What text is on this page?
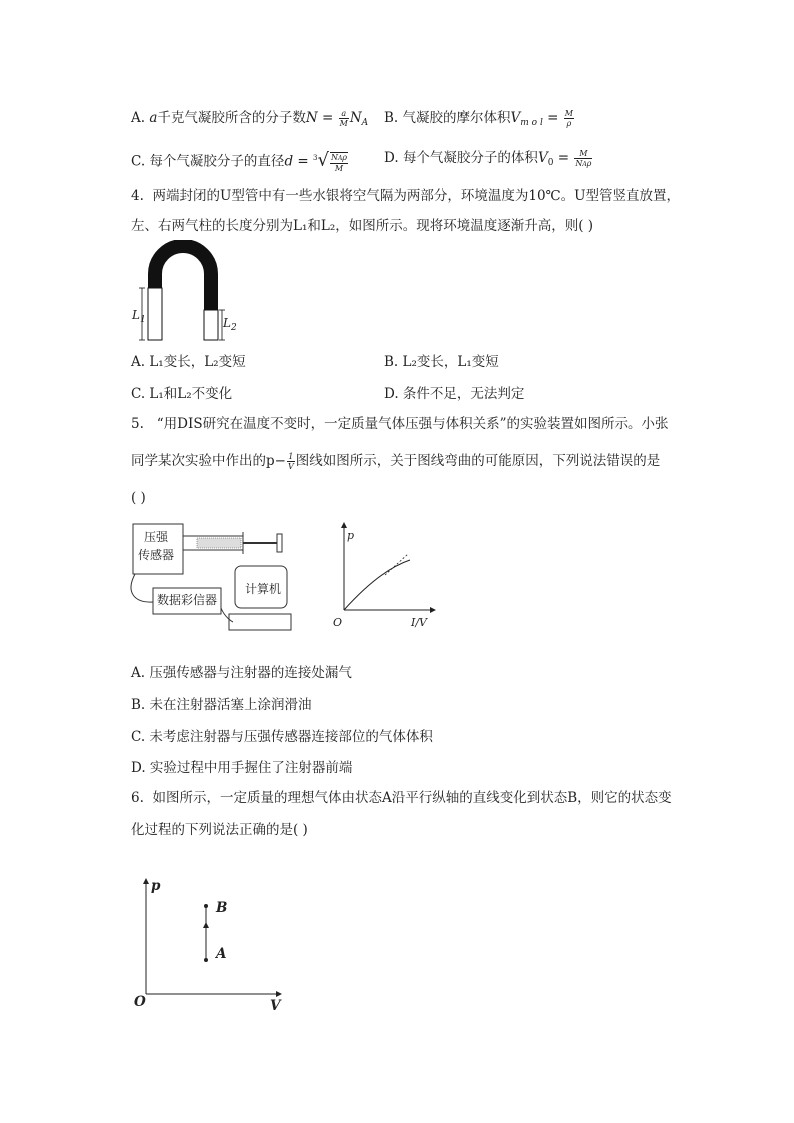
A. a千克气凝胶所含的分子数$N = \frac{a}{M} N_A$ B. 气凝胶的摩尔体积$V_{m o l} = \frac{M}{\rho}$
C. 每个气凝胶分子的直径$d = ^3√ \frac{\text{NAρ}}{M}$	D. 每个气凝胶分子的体积$V_0 = \frac{M}{\text{NAρ}}$
4. 两端封闭的U型管中有一些水银将空气隔为两部分，环境温度为10℃。U型管竖直放置，
左、右两气柱的长度分别为L₁和L₂，如图所示。现将环境温度逐渐升高，则( )
$L_1$	$L_2$
A. L₁变长，L₂变短	B. L₂变长，L₁变短
C. L₁和L₂不变化	D. 条件不足，无法判定
5. “用DIS研究在温度不变时，一定质量气体压强与体积关系”的实验装置如图所示。小张
同学某次实验中作出的$p- \frac{1}{V}$ 图线如图所示，关于图线弯曲的可能原因，下列说法错误的是
( )
压强
传感器
数据彩信器
计算机
p
I/V
O
A. 压强传感器与注射器的连接处漏气
B. 未在注射器活塞上涂润滑油
C. 未考虑注射器与压强传感器连接部位的气体体积
D. 实验过程中用手握住了注射器前端
6. 如图所示，一定质量的理想气体由状态A沿平行纵轴的直线变化到状态B，则它的状态变
化过程的下列说法正确的是( )
p
V
O
B
A
